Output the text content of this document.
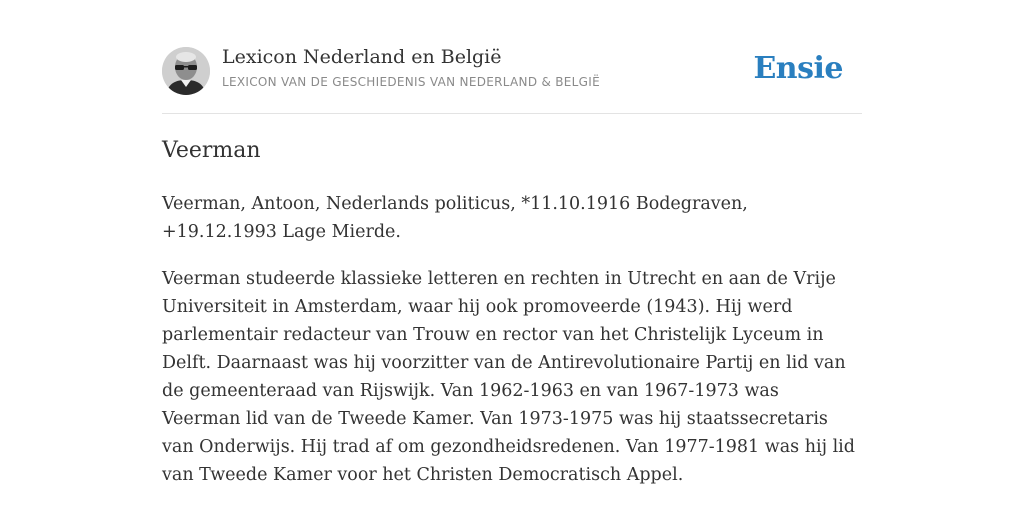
Lexicon Nederland en België
LEXICON VAN DE GESCHIEDENIS VAN NEDERLAND & BELGIË	Ensie
Veerman

Veerman, Antoon, Nederlands politicus, *11.10.1916 Bodegraven, +19.12.1993 Lage Mierde.

Veerman studeerde klassieke letteren en rechten in Utrecht en aan de Vrije Universiteit in Amsterdam, waar hij ook promoveerde (1943). Hij werd parlementair redacteur van Trouw en rector van het Christelijk Lyceum in Delft. Daarnaast was hij voorzitter van de Antirevolutionaire Partij en lid van de gemeenteraad van Rijswijk. Van 1962-1963 en van 1967-1973 was Veerman lid van de Tweede Kamer. Van 1973-1975 was hij staatssecretaris van Onderwijs. Hij trad af om gezondheidsredenen. Van 1977-1981 was hij lid van Tweede Kamer voor het Christen Democratisch Appel.
